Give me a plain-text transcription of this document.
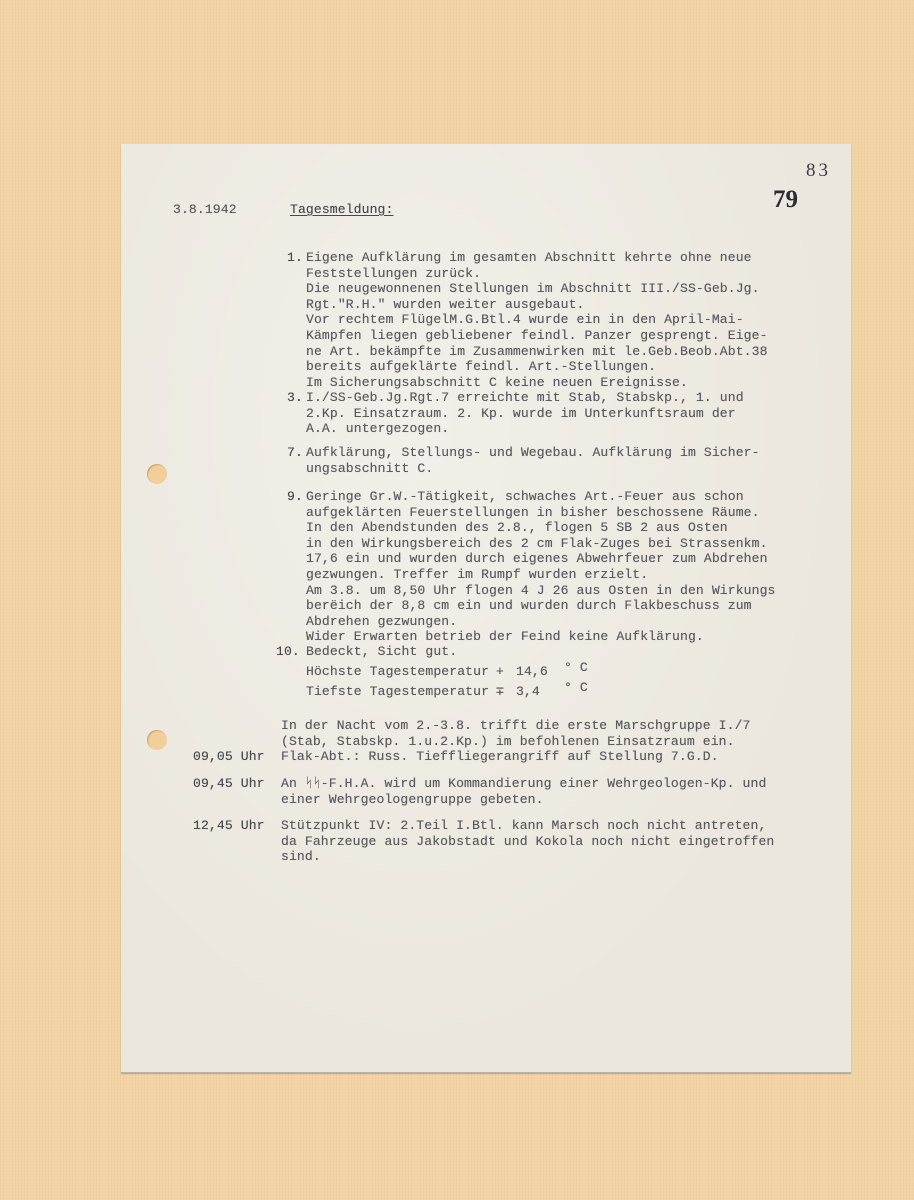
83
79
3.8.1942	Tagesmeldung:
1. Eigene Aufklärung im gesamten Abschnitt kehrte ohne neue
Feststellungen zurück.
Die neugewonnenen Stellungen im Abschnitt III./SS-Geb.Jg.
Rgt."R.H." wurden weiter ausgebaut.
Vor rechtem FlügelM.G.Btl.4 wurde ein in den April-Mai-
Kämpfen liegen gebliebener feindl. Panzer gesprengt. Eige-
ne Art. bekämpfte im Zusammenwirken mit le.Geb.Beob.Abt.38
bereits aufgeklärte feindl. Art.-Stellungen.
Im Sicherungsabschnitt C keine neuen Ereignisse.
3. I./SS-Geb.Jg.Rgt.7 erreichte mit Stab, Stabskp., 1. und
2.Kp. Einsatzraum. 2. Kp. wurde im Unterkunftsraum der
A.A. untergezogen.
7. Aufklärung, Stellungs- und Wegebau. Aufklärung im Sicher-
ungsabschnitt C.
9. Geringe Gr.W.-Tätigkeit, schwaches Art.-Feuer aus schon
aufgeklärten Feuerstellungen in bisher beschossene Räume.
In den Abendstunden des 2.8., flogen 5 SB 2 aus Osten
in den Wirkungsbereich des 2 cm Flak-Zuges bei Strassenkm.
17,6 ein und wurden durch eigenes Abwehrfeuer zum Abdrehen
gezwungen. Treffer im Rumpf wurden erzielt.
Am 3.8. um 8,50 Uhr flogen 4 J 26 aus Osten in den Wirkungs
berëich der 8,8 cm ein und wurden durch Flakbeschuss zum
Abdrehen gezwungen.
Wider Erwarten betrieb der Feind keine Aufklärung.
10. Bedeckt, Sicht gut.
Höchste Tagestemperatur + 14,6 ° C
Tiefste Tagestemperatur ∓ 3,4 ° C
In der Nacht vom 2.-3.8. trifft die erste Marschgruppe I./7
(Stab, Stabskp. 1.u.2.Kp.) im befohlenen Einsatzraum ein.
09,05 Uhr Flak-Abt.: Russ. Tieffliegerangriff auf Stellung 7.G.D.
09,45 Uhr An ᛋᛋ-F.H.A. wird um Kommandierung einer Wehrgeologen-Kp. und
einer Wehrgeologengruppe gebeten.
12,45 Uhr Stützpunkt IV: 2.Teil I.Btl. kann Marsch noch nicht antreten,
da Fahrzeuge aus Jakobstadt und Kokola noch nicht eingetroffen
sind.
